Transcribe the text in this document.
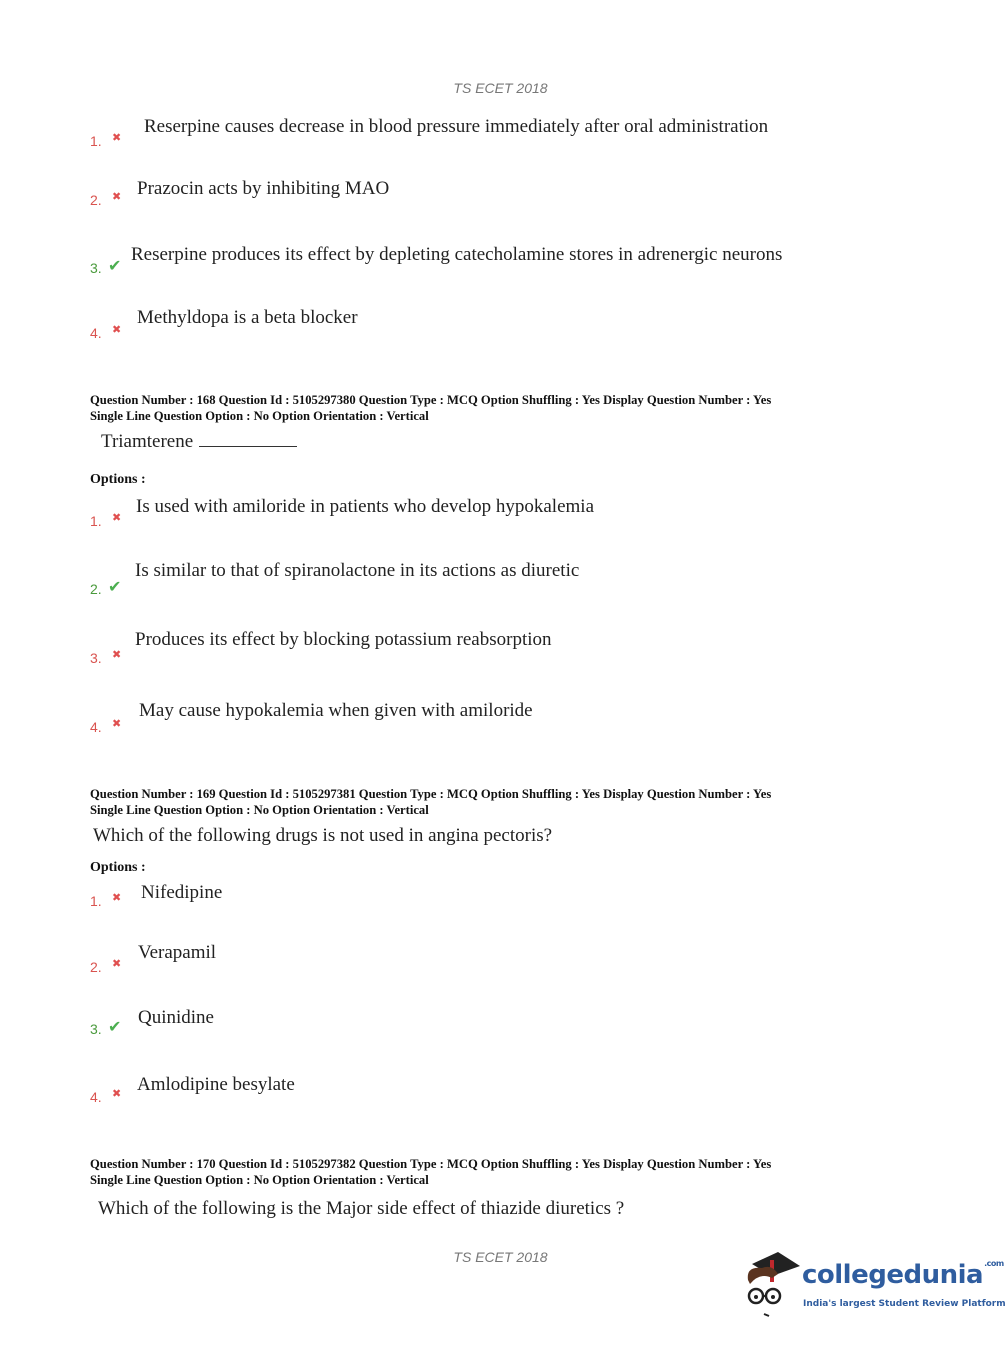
TS ECET 2018
1. ✖
Reserpine causes decrease in blood pressure immediately after oral administration
2. ✖ Prazocin acts by inhibiting MAO
3. ✔
Reserpine produces its effect by depleting catecholamine stores in adrenergic neurons
4. ✖
Methyldopa is a beta blocker
Question Number : 168 Question Id : 5105297380 Question Type : MCQ Option Shuffling : Yes Display Question Number : Yes
Single Line Question Option : No Option Orientation : Vertical
Triamterene
Options :
1. ✖
Is used with amiloride in patients who develop hypokalemia
2. ✔
Is similar to that of spiranolactone in its actions as diuretic
3. ✖
Produces its effect by blocking potassium reabsorption
4. ✖
May cause hypokalemia when given with amiloride
Question Number : 169 Question Id : 5105297381 Question Type : MCQ Option Shuffling : Yes Display Question Number : Yes
Single Line Question Option : No Option Orientation : Vertical
Which of the following drugs is not used in angina pectoris?
Options :
1. ✖ Nifedipine
2. ✖
Verapamil
3. ✔ Quinidine
4. ✖ Amlodipine besylate
Question Number : 170 Question Id : 5105297382 Question Type : MCQ Option Shuffling : Yes Display Question Number : Yes
Single Line Question Option : No Option Orientation : Vertical
Which of the following is the Major side effect of thiazide diuretics ?
TS ECET 2018
collegedunia$^{.com}$
India's largest Student Review Platform
